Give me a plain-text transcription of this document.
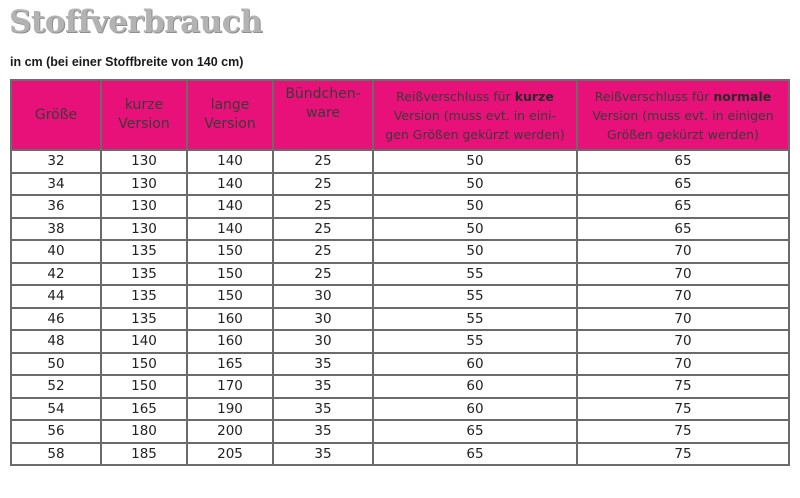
Stoffverbrauch

in cm (bei einer Stoffbreite von 140 cm)

Größe	kurze Version	lange Version	Bündchen-ware	Reißverschluss für kurze
Version (muss evt. in eini-
gen Größen gekürzt werden)	Reißverschluss für normale
Version (muss evt. in einigen
Größen gekürzt werden)
32	130	140	25	50	65
34	130	140	25	50	65
36	130	140	25	50	65
38	130	140	25	50	65
40	135	150	25	50	70
42	135	150	25	55	70
44	135	150	30	55	70
46	135	160	30	55	70
48	140	160	30	55	70
50	150	165	35	60	70
52	150	170	35	60	75
54	165	190	35	60	75
56	180	200	35	65	75
58	185	205	35	65	75
